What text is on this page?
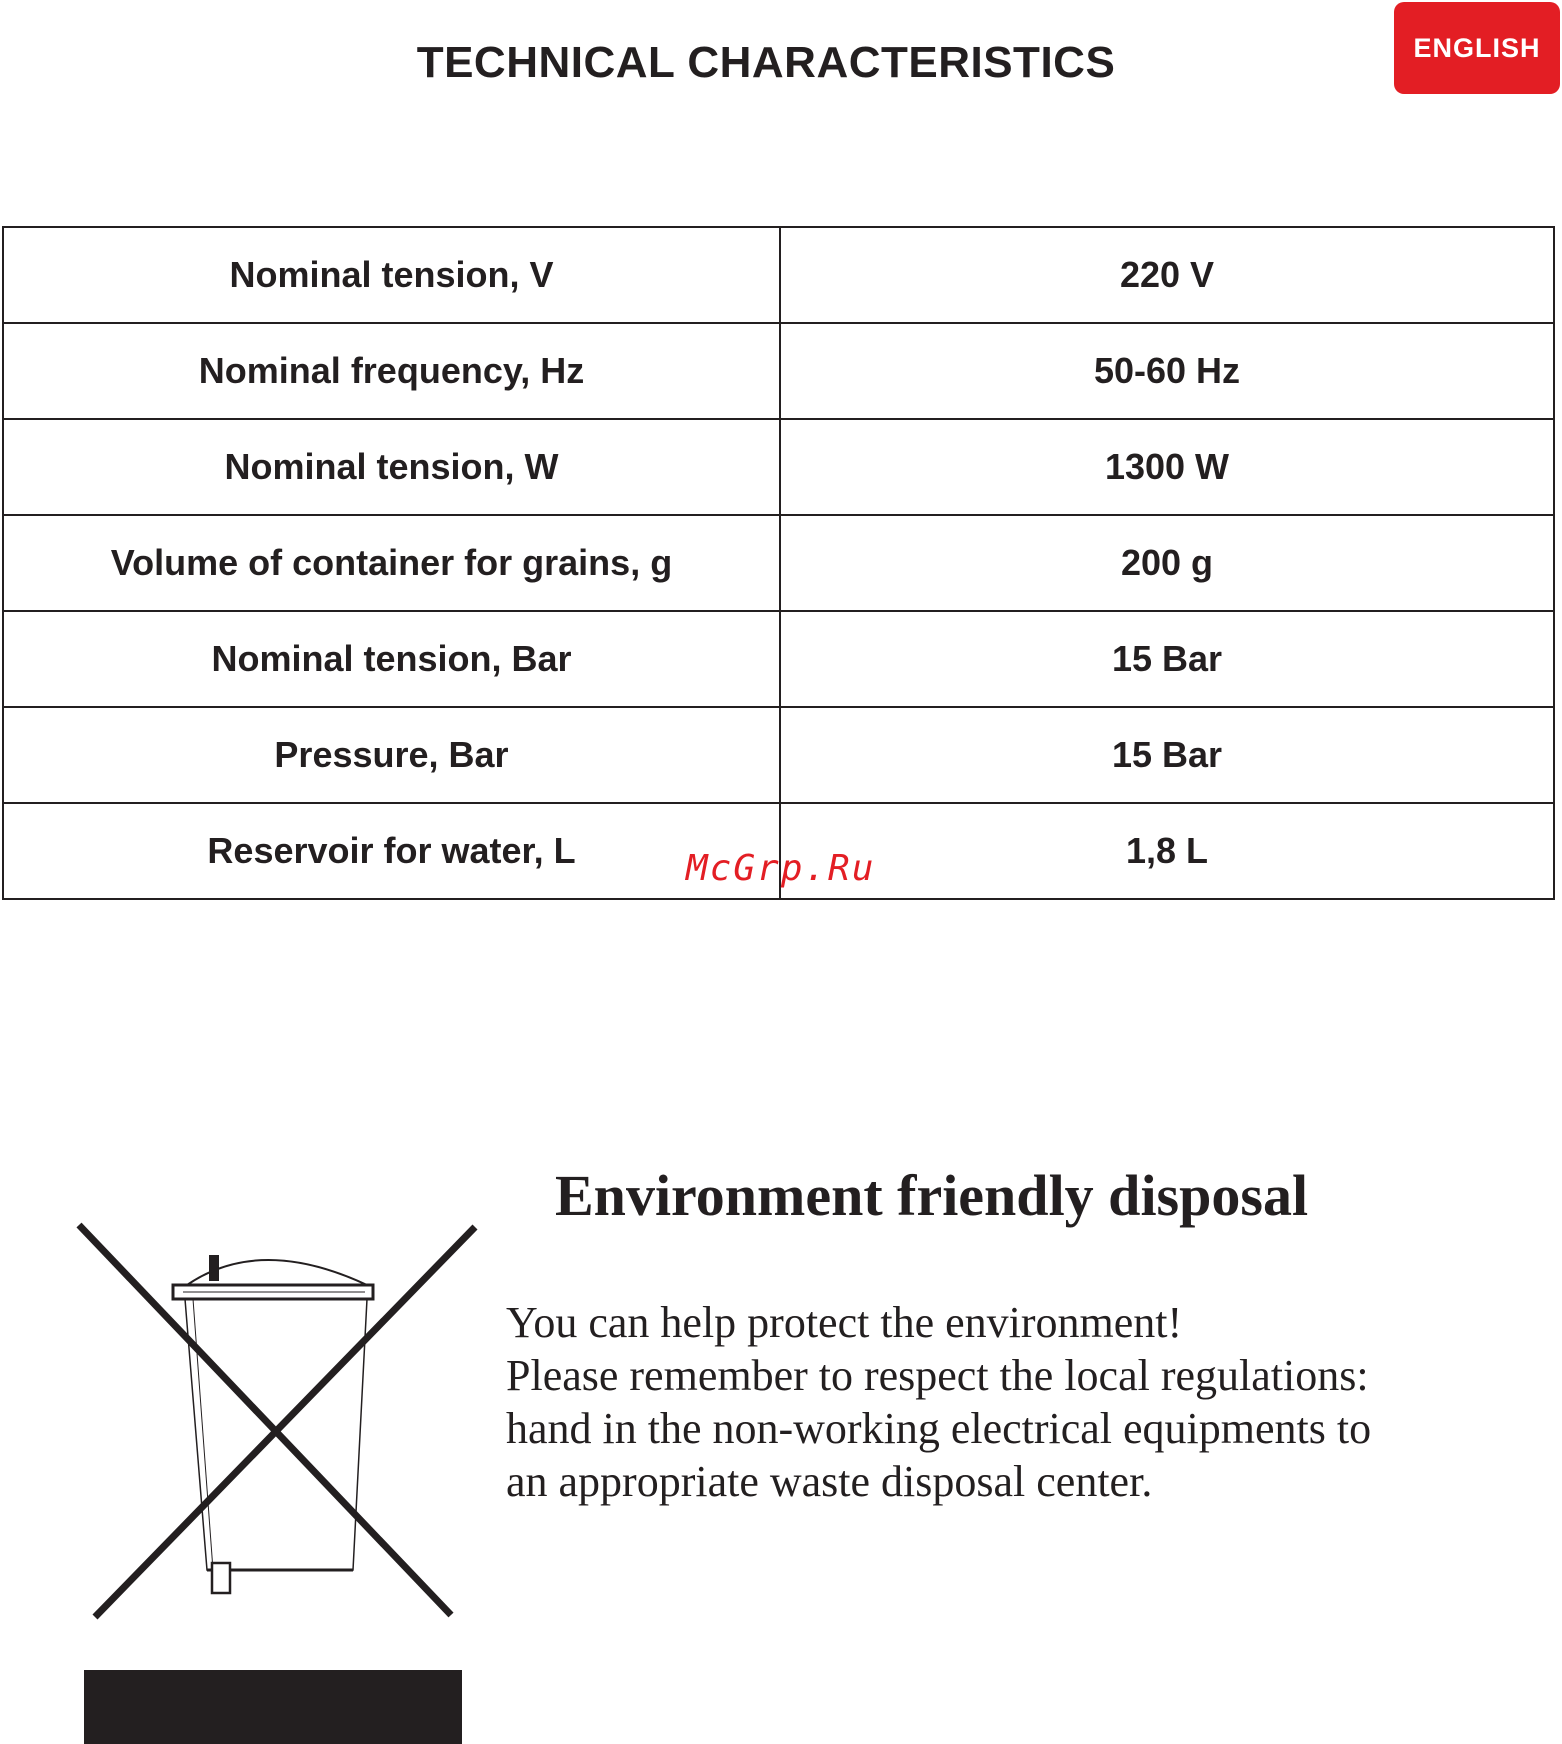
TECHNICAL CHARACTERISTICS	ENGLISH
Nominal tension, V	220 V
Nominal frequency, Hz	50-60 Hz
Nominal tension, W	1300 W
Volume of container for grains, g	200 g
Nominal tension, Bar	15 Bar
Pressure, Bar	15 Bar
Reservoir for water, L	1,8 L
McGrp.Ru
Environment friendly disposal
You can help protect the environment!
Please remember to respect the local regulations:
hand in the non-working electrical equipments to
an appropriate waste disposal center.
